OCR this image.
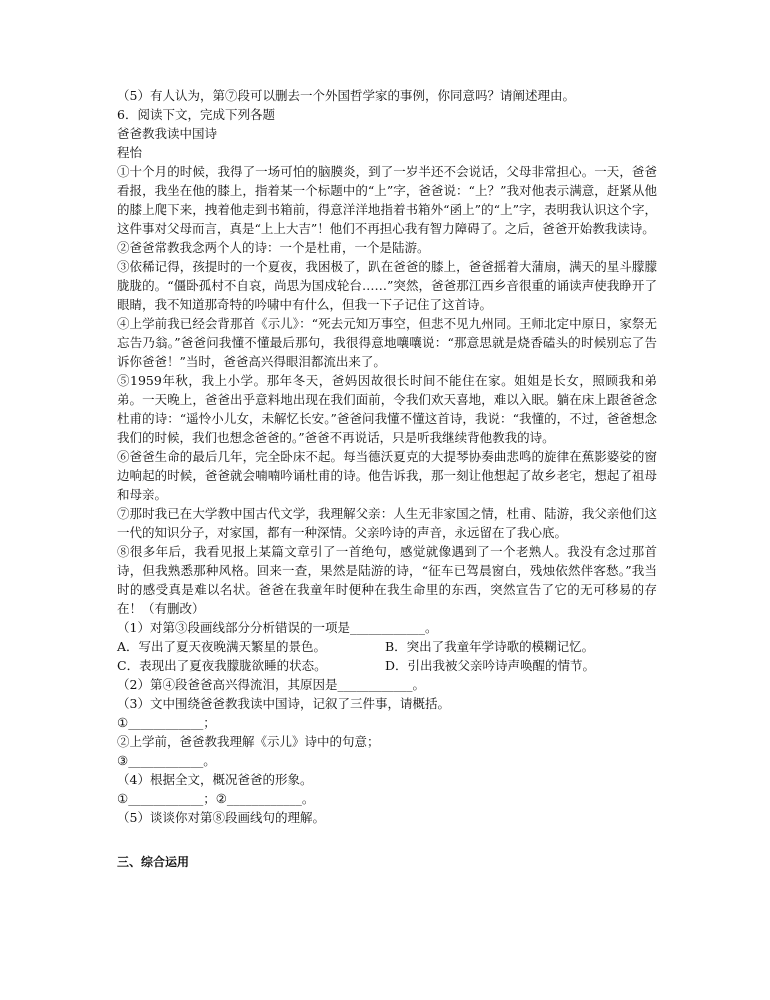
（5）有人认为，第⑦段可以删去一个外国哲学家的事例，你同意吗？请阐述理由。
6．阅读下文，完成下列各题
爸爸教我读中国诗
程怡
①十个月的时候，我得了一场可怕的脑膜炎，到了一岁半还不会说话，父母非常担心。一天，爸爸看报，我坐在他的膝上，指着某一个标题中的“上”字，爸爸说：“上？”我对他表示满意，赶紧从他的膝上爬下来，拽着他走到书箱前，得意洋洋地指着书箱外“函上”的“上”字，表明我认识这个字，这件事对父母而言，真是“上上大吉”！他们不再担心我有智力障碍了。之后，爸爸开始教我读诗。
②爸爸常教我念两个人的诗：一个是杜甫，一个是陆游。
③依稀记得，孩提时的一个夏夜，我困极了，趴在爸爸的膝上，爸爸摇着大蒲扇，满天的星斗朦朦胧胧的。“僵卧孤村不自哀，尚思为国戍轮台……”突然，爸爸那江西乡音很重的诵读声使我睁开了眼睛，我不知道那奇特的吟啸中有什么，但我一下子记住了这首诗。
④上学前我已经会背那首《示儿》：“死去元知万事空，但悲不见九州同。王师北定中原日，家祭无忘告乃翁。”爸爸问我懂不懂最后那句，我很得意地嚷嚷说：“那意思就是烧香磕头的时候别忘了告诉你爸爸！”当时，爸爸高兴得眼泪都流出来了。
⑤1959年秋，我上小学。那年冬天，爸妈因故很长时间不能住在家。姐姐是长女，照顾我和弟弟。一天晚上，爸爸出乎意料地出现在我们面前，令我们欢天喜地，难以入眠。躺在床上跟爸爸念杜甫的诗：“遥怜小儿女，未解忆长安。”爸爸问我懂不懂这首诗，我说：“我懂的，不过，爸爸想念我们的时候，我们也想念爸爸的。”爸爸不再说话，只是听我继续背他教我的诗。
⑥爸爸生命的最后几年，完全卧床不起。每当德沃夏克的大提琴协奏曲悲鸣的旋律在蕉影婆娑的窗边响起的时候，爸爸就会喃喃吟诵杜甫的诗。他告诉我，那一刻让他想起了故乡老宅，想起了祖母和母亲。
⑦那时我已在大学教中国古代文学，我理解父亲：人生无非家国之情，杜甫、陆游，我父亲他们这一代的知识分子，对家国，都有一种深情。父亲吟诗的声音，永远留在了我心底。
⑧很多年后，我看见报上某篇文章引了一首绝句，感觉就像遇到了一个老熟人。我没有念过那首诗，但我熟悉那种风格。回来一查，果然是陆游的诗，“征车已驾晨窗白，残烛依然伴客愁。”我当时的感受真是难以名状。爸爸在我童年时便种在我生命里的东西，突然宣告了它的无可移易的存在！（有删改）
（1）对第③段画线部分分析错误的一项是____________。
A．写出了夏天夜晚满天繁星的景色。	B．突出了我童年学诗歌的模糊记忆。
C．表现出了夏夜我朦胧欲睡的状态。	D．引出我被父亲吟诗声唤醒的情节。
（2）第④段爸爸高兴得流泪，其原因是____________。
（3）文中围绕爸爸教我读中国诗，记叙了三件事，请概括。
①____________；
②上学前，爸爸教我理解《示儿》诗中的句意；
③____________。
（4）根据全文，概况爸爸的形象。
①____________；②____________。
（5）谈谈你对第⑧段画线句的理解。
三、综合运用
